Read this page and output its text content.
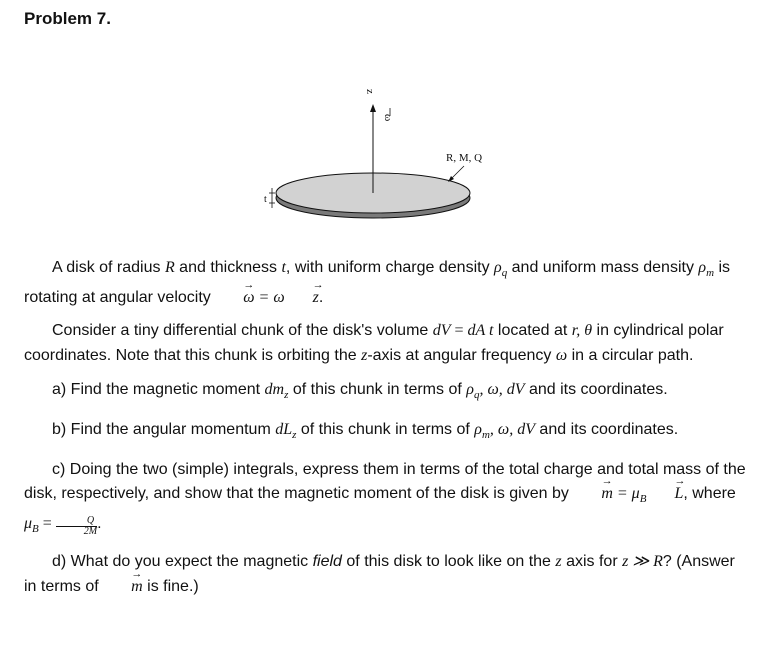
Problem 7.
z
ω
R, M, Q
t

A disk of radius R and thickness t, with uniform charge density $\rho_q$ and uniform mass density $\rho_m$ is rotating at angular velocity → ω = ω → z.

Consider a tiny differential chunk of the disk's volume dV = dA t located at r, θ in cylindrical polar coordinates. Note that this chunk is orbiting the z-axis at angular frequency ω in a circular path.

a) Find the magnetic moment $dm_z$ of this chunk in terms of $\rho_q$, ω, dV and its coordinates.

b) Find the angular momentum $dL_z$ of this chunk in terms of $\rho_m$, ω, dV and its coordinates.

c) Doing the two (simple) integrals, express them in terms of the total charge and total mass of the disk, respectively, and show that the magnetic moment of the disk is given by → $m = \mu_B \to L$, where $\mu_B = \frac{Q}{2M}$ .

d) What do you expect the magnetic field of this disk to look like on the z axis for z ≫ R? (Answer in terms of → m is fine.)
